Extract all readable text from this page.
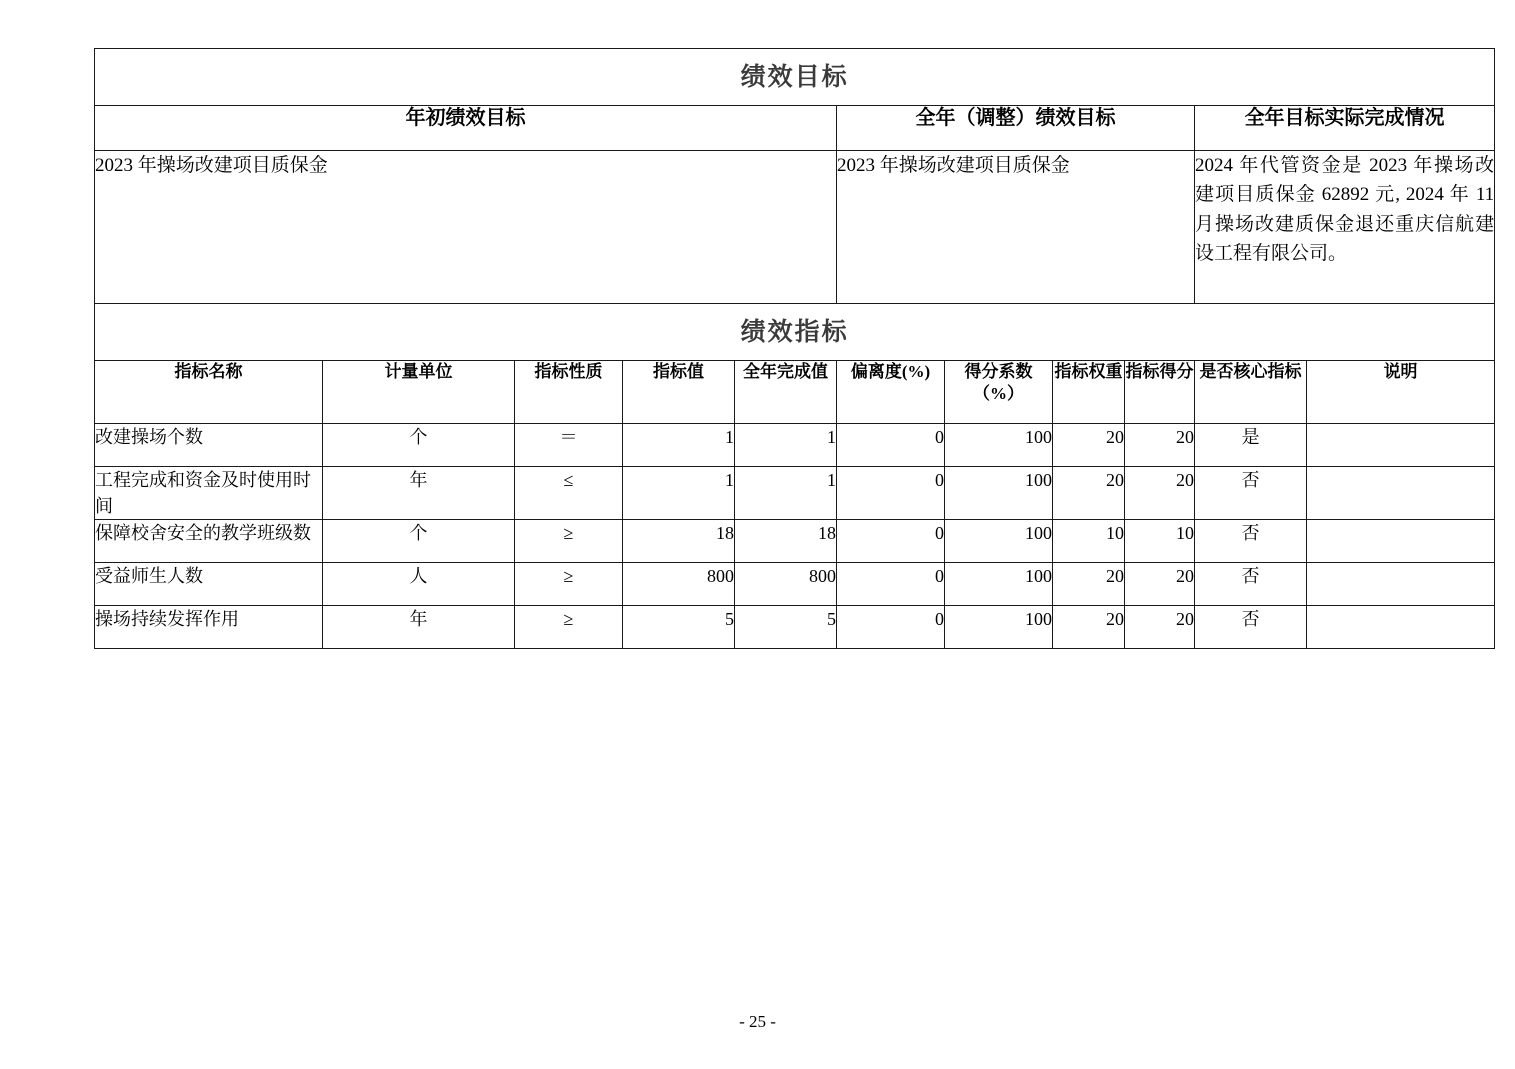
绩效目标										
年初绩效目标					全年（调整）绩效目标				全年目标实际完成情况	
2023 年操场改建项目质保金					2023 年操场改建项目质保金				2024 年代管资金是 2023 年操场改建项目质保金 62892 元, 2024 年 11 月操场改建质保金退还重庆信航建设工程有限公司。	
绩效指标										
指标名称	计量单位	指标性质	指标值	全年完成值	偏离度(%)	得分系数（%）	指标权重	指标得分	是否核心指标	说明
改建操场个数	个	＝	1	1	0	100	20	20	是	
工程完成和资金及时使用时间	年	≤	1	1	0	100	20	20	否	
保障校舍安全的教学班级数	个	≥	18	18	0	100	10	10	否	
受益师生人数	人	≥	800	800	0	100	20	20	否	
操场持续发挥作用	年	≥	5	5	0	100	20	20	否	
- 25 -
